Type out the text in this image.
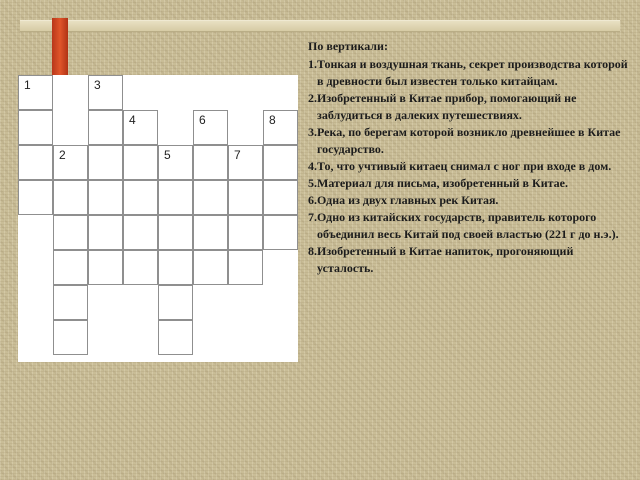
1
2
3
4
5
6
7
8
По вертикали:
1. Тонкая и воздушная ткань, секрет производства которой в древности был известен только китайцам.
2. Изобретенный в Китае прибор, помогающий не заблудиться в далеких путешествиях.
3. Река, по берегам которой возникло древнейшее в Китае государство.
4. То, что учтивый китаец снимал с ног при входе в дом.
5. Материал для письма, изобретенный в Китае.
6. Одна из двух главных рек Китая.
7. Одно из китайских государств, правитель которого объединил весь Китай под своей властью (221 г до н.э.).
8. Изобретенный в Китае напиток, прогоняющий усталость.
